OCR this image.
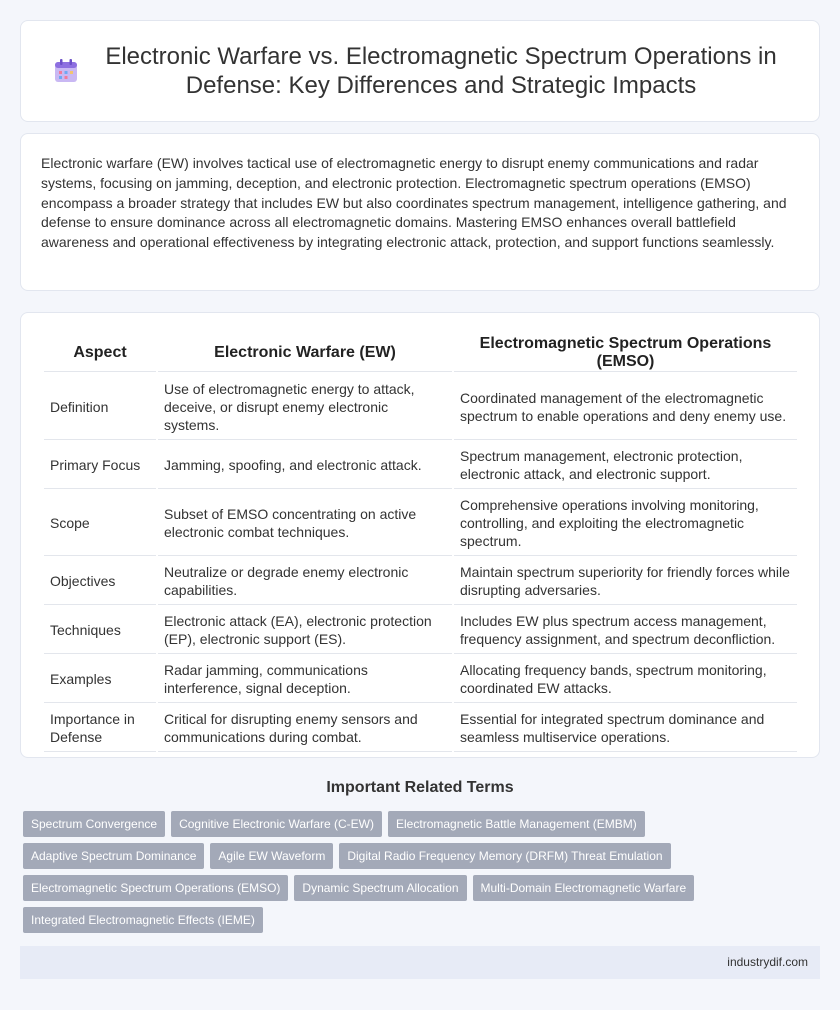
Electronic Warfare vs. Electromagnetic Spectrum Operations in Defense: Key Differences and Strategic Impacts

Electronic warfare (EW) involves tactical use of electromagnetic energy to disrupt enemy communications and radar systems, focusing on jamming, deception, and electronic protection. Electromagnetic spectrum operations (EMSO) encompass a broader strategy that includes EW but also coordinates spectrum management, intelligence gathering, and defense to ensure dominance across all electromagnetic domains. Mastering EMSO enhances overall battlefield awareness and operational effectiveness by integrating electronic attack, protection, and support functions seamlessly.

Aspect	Electronic Warfare (EW)	Electromagnetic Spectrum Operations (EMSO)
Definition	Use of electromagnetic energy to attack, deceive, or disrupt enemy electronic systems.	Coordinated management of the electromagnetic spectrum to enable operations and deny enemy use.
Primary Focus	Jamming, spoofing, and electronic attack.	Spectrum management, electronic protection, electronic attack, and electronic support.
Scope	Subset of EMSO concentrating on active electronic combat techniques.	Comprehensive operations involving monitoring, controlling, and exploiting the electromagnetic spectrum.
Objectives	Neutralize or degrade enemy electronic capabilities.	Maintain spectrum superiority for friendly forces while disrupting adversaries.
Techniques	Electronic attack (EA), electronic protection (EP), electronic support (ES).	Includes EW plus spectrum access management, frequency assignment, and spectrum deconfliction.
Examples	Radar jamming, communications interference, signal deception.	Allocating frequency bands, spectrum monitoring, coordinated EW attacks.
Importance in Defense	Critical for disrupting enemy sensors and communications during combat.	Essential for integrated spectrum dominance and seamless multiservice operations.
Important Related Terms
Spectrum Convergence	Cognitive Electronic Warfare (C-EW)	Electromagnetic Battle Management (EMBM)
Adaptive Spectrum Dominance	Agile EW Waveform	Digital Radio Frequency Memory (DRFM) Threat Emulation
Electromagnetic Spectrum Operations (EMSO)	Dynamic Spectrum Allocation	Multi-Domain Electromagnetic Warfare
Integrated Electromagnetic Effects (IEME)
industrydif.com
